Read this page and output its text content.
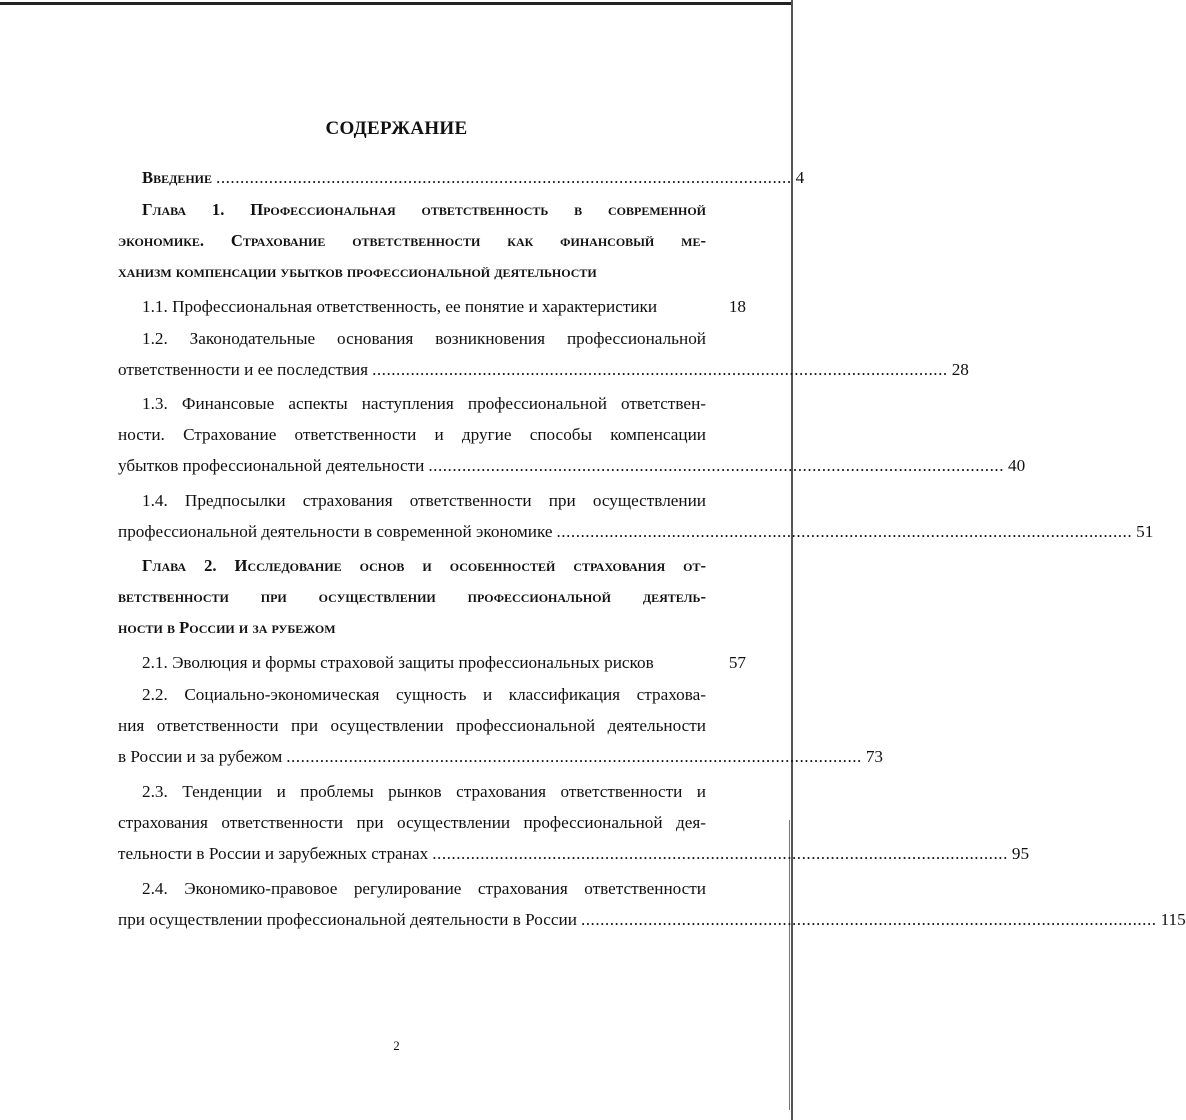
СОДЕРЖАНИЕ
Введение ........................................................................................................................ 4
Глава 1. Профессиональная ответственность в современной
экономике. Страхование ответственности как финансовый ме-
ханизм компенсации убытков профессиональной деятельности
1.1. Профессиональная ответственность, ее понятие и характеристики	18
1.2. Законодательные основания возникновения профессиональной
ответственности и ее последствия ........................................................................................................................ 28
1.3. Финансовые аспекты наступления профессиональной ответствен-
ности. Страхование ответственности и другие способы компенсации
убытков профессиональной деятельности ........................................................................................................................ 40
1.4. Предпосылки страхования ответственности при осуществлении
профессиональной деятельности в современной экономике ........................................................................................................................ 51
Глава 2. Исследование основ и особенностей страхования от-
ветственности при осуществлении профессиональной деятель-
ности в России и за рубежом
2.1. Эволюция и формы страховой защиты профессиональных рисков	57
2.2. Социально-экономическая сущность и классификация страхова-
ния ответственности при осуществлении профессиональной деятельности
в России и за рубежом ........................................................................................................................ 73
2.3. Тенденции и проблемы рынков страхования ответственности и
страхования ответственности при осуществлении профессиональной дея-
тельности в России и зарубежных странах ........................................................................................................................ 95
2.4. Экономико-правовое регулирование страхования ответственности
при осуществлении профессиональной деятельности в России ........................................................................................................................ 115
2
